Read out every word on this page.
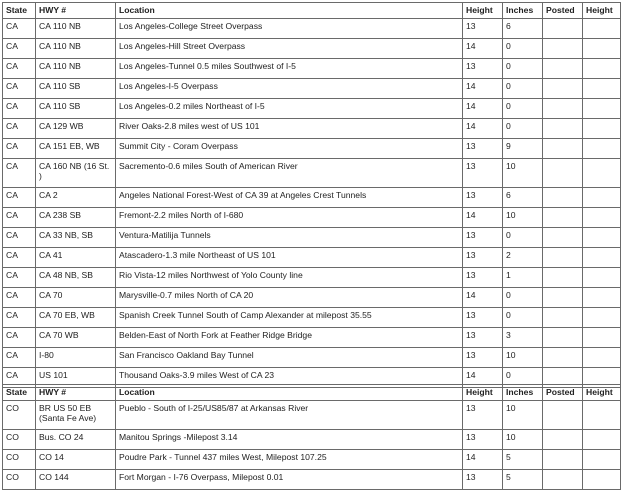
State	HWY #	Location	Height	Inches	Posted	Height
CA	CA 110 NB	Los Angeles-College Street Overpass	13	6		
CA	CA 110 NB	Los Angeles-Hill Street Overpass	14	0		
CA	CA 110 NB	Los Angeles-Tunnel 0.5 miles Southwest of I-5	13	0		
CA	CA 110 SB	Los Angeles-I-5 Overpass	14	0		
CA	CA 110 SB	Los Angeles-0.2 miles Northeast of I-5	14	0		
CA	CA 129 WB	River Oaks-2.8 miles west of US 101	14	0		
CA	CA 151 EB, WB	Summit City - Coram Overpass	13	9		
CA	CA 160 NB (16 St. )	Sacremento-0.6 miles South of American River	13	10		
CA	CA 2	Angeles National Forest-West of CA 39 at Angeles Crest Tunnels	13	6		
CA	CA 238 SB	Fremont-2.2 miles North of I-680	14	10		
CA	CA 33 NB, SB	Ventura-Matilija Tunnels	13	0		
CA	CA 41	Atascadero-1.3 mile Northeast of US 101	13	2		
CA	CA 48 NB, SB	Rio Vista-12 miles Northwest of Yolo County line	13	1		
CA	CA 70	Marysville-0.7 miles North of CA 20	14	0		
CA	CA 70 EB, WB	Spanish Creek Tunnel South of Camp Alexander at milepost 35.55	13	0		
CA	CA 70 WB	Belden-East of North Fork at Feather Ridge Bridge	13	3		
CA	I-80	San Francisco Oakland Bay Tunnel	13	10		
CA	US 101	Thousand Oaks-3.9 miles West of CA 23	14	0		
State	HWY #	Location	Height	Inches	Posted	Height
CO	BR US 50 EB (Santa Fe Ave)	Pueblo - South of I-25/US85/87 at Arkansas River	13	10		
CO	Bus. CO 24	Manitou Springs -Milepost 3.14	13	10		
CO	CO 14	Poudre Park - Tunnel 437 miles West, Milepost 107.25	14	5		
CO	CO 144	Fort Morgan - I-76 Overpass, Milepost 0.01	13	5		
